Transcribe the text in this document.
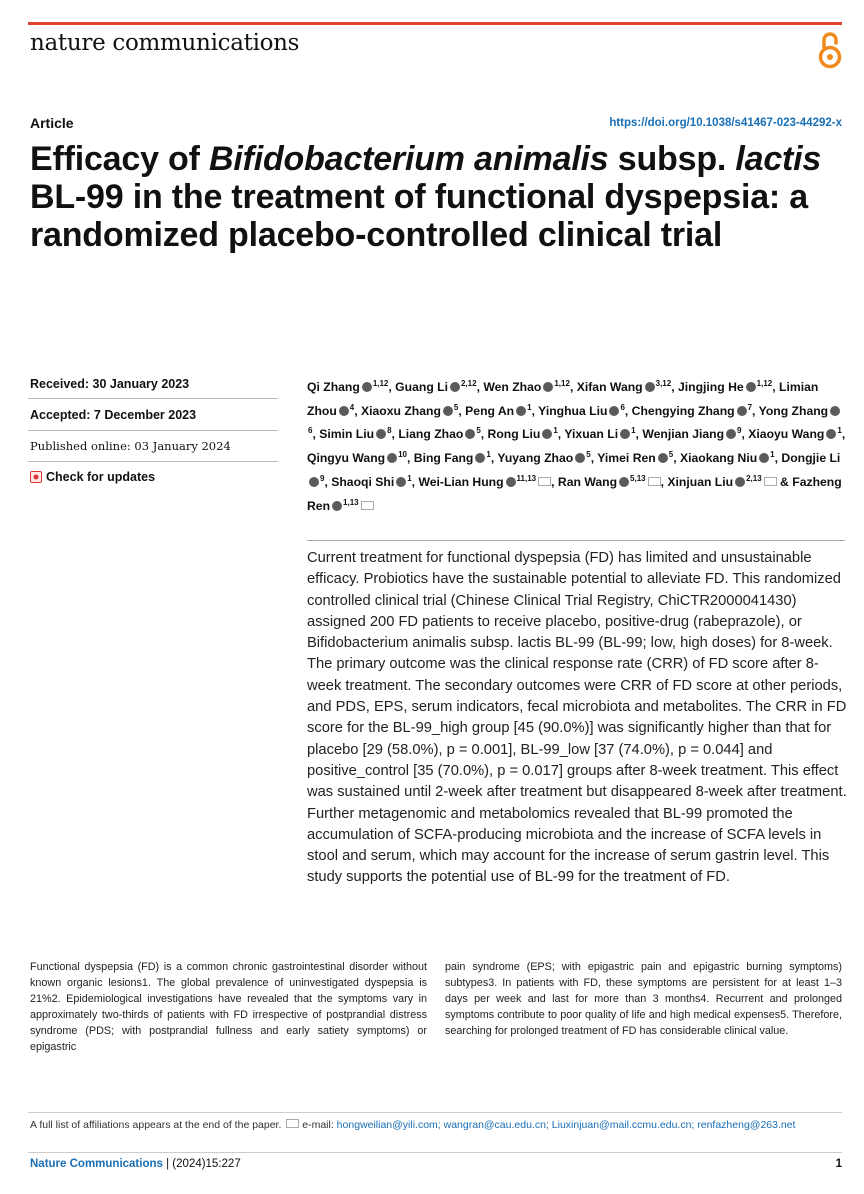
nature communications
Article	https://doi.org/10.1038/s41467-023-44292-x
Efficacy of Bifidobacterium animalis subsp. lactis BL-99 in the treatment of functional dyspepsia: a randomized placebo-controlled clinical trial
Received: 30 January 2023
Accepted: 7 December 2023
Published online: 03 January 2024
Check for updates
Qi Zhang $^{1,12}$, Guang Li $^{2,12}$, Wen Zhao $^{1,12}$, Xifan Wang $^{3,12}$, Jingjing He $^{1,12}$, Limian Zhou $^4$, Xiaoxu Zhang $^5$, Peng An $^1$, Yinghua Liu $^6$, Chengying Zhang $^7$, Yong Zhang$^6$, Simin Liu $^8$, Liang Zhao $^5$, Rong Liu $^1$, Yixuan Li $^1$, Wenjian Jiang $^9$, Xiaoyu Wang $^1$, Qingyu Wang $^{10}$, Bing Fang $^1$, Yuyang Zhao $^5$, Yimei Ren $^5$, Xiaokang Niu $^1$, Dongjie Li$^9$, Shaoqi Shi $^1$, Wei-Lian Hung $^{11,13}$ , Ran Wang $^{5,13}$ , Xinjuan Liu $^{2,13}$ & Fazheng Ren $^{1,13}$
Current treatment for functional dyspepsia (FD) has limited and unsustainable efficacy. Probiotics have the sustainable potential to alleviate FD. This randomized controlled clinical trial (Chinese Clinical Trial Registry, ChiCTR2000041430) assigned 200 FD patients to receive placebo, positive-drug (rabeprazole), or Bifidobacterium animalis subsp. lactis BL-99 (BL-99; low, high doses) for 8-week. The primary outcome was the clinical response rate (CRR) of FD score after 8-week treatment. The secondary outcomes were CRR of FD score at other periods, and PDS, EPS, serum indicators, fecal microbiota and metabolites. The CRR in FD score for the BL-99_high group [45 (90.0%)] was significantly higher than that for placebo [29 (58.0%), p = 0.001], BL-99_low [37 (74.0%), p = 0.044] and positive_control [35 (70.0%), p = 0.017] groups after 8-week treatment. This effect was sustained until 2-week after treatment but disappeared 8-week after treatment. Further metagenomic and metabolomics revealed that BL-99 promoted the accumulation of SCFA-producing microbiota and the increase of SCFA levels in stool and serum, which may account for the increase of serum gastrin level. This study supports the potential use of BL-99 for the treatment of FD.
Functional dyspepsia (FD) is a common chronic gastrointestinal disorder without known organic lesions1. The global prevalence of uninvestigated dyspepsia is 21%2. Epidemiological investigations have revealed that the symptoms vary in approximately two-thirds of patients with FD irrespective of postprandial distress syndrome (PDS; with postprandial fullness and early satiety symptoms) or epigastric
pain syndrome (EPS; with epigastric pain and epigastric burning symptoms) subtypes3. In patients with FD, these symptoms are persistent for at least 1–3 days per week and last for more than 3 months4. Recurrent and prolonged symptoms contribute to poor quality of life and high medical expenses5. Therefore, searching for prolonged treatment of FD has considerable clinical value.
A full list of affiliations appears at the end of the paper. e-mail: hongweilian@yili.com; wangran@cau.edu.cn; Liuxinjuan@mail.ccmu.edu.cn; renfazheng@263.net
Nature Communications | (2024)15:227	1
